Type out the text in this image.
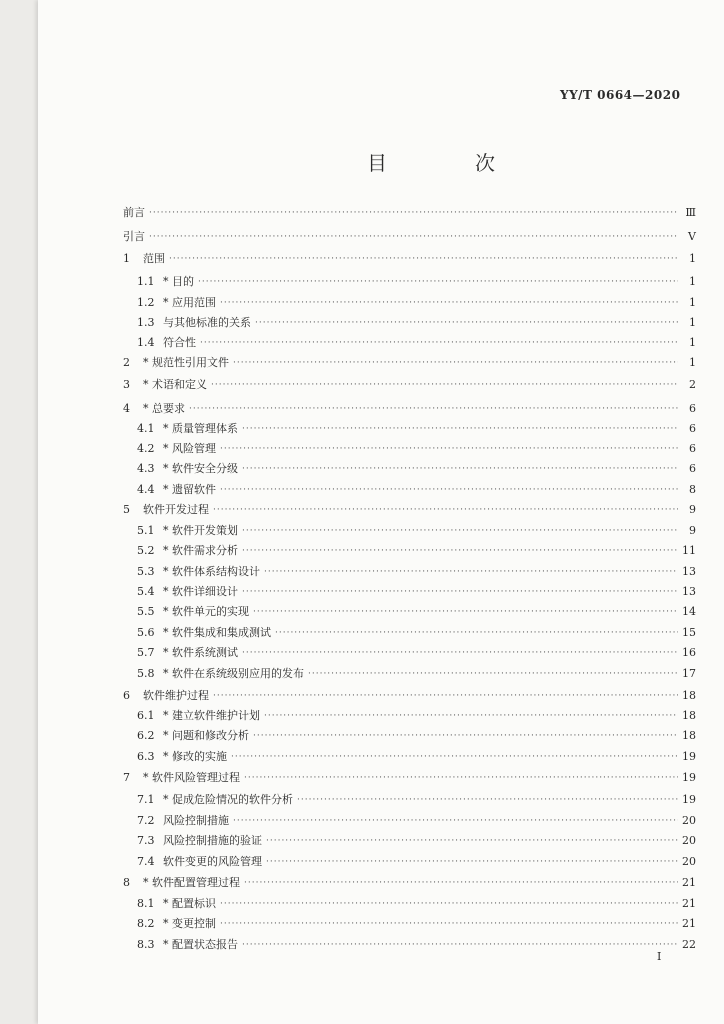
YY/T 0664—2020
目　次
前言 ·····	Ⅲ
引言 ·····	Ⅴ
1	范围 ·····	1
1.1 * 目的 ·····	1
1.2 * 应用范围 ·····	1
1.3 与其他标准的关系 ·····	1
1.4 符合性 ·····	1
2	* 规范性引用文件 ·····	1
3	* 术语和定义 ·····	2
4	* 总要求 ·····	6
4.1 * 质量管理体系 ·····	6
4.2 * 风险管理 ·····	6
4.3 * 软件安全分级 ·····	6
4.4 * 遗留软件 ·····	8
5	软件开发过程 ·····	9
5.1 * 软件开发策划 ·····	9
5.2 * 软件需求分析 ·····	11
5.3 * 软件体系结构设计 ·····	13
5.4 * 软件详细设计 ·····	13
5.5 * 软件单元的实现 ·····	14
5.6 * 软件集成和集成测试 ·····	15
5.7 * 软件系统测试 ·····	16
5.8 * 软件在系统级别应用的发布 ·····	17
6	软件维护过程 ·····	18
6.1 * 建立软件维护计划 ·····	18
6.2 * 问题和修改分析 ·····	18
6.3 * 修改的实施 ·····	19
7	* 软件风险管理过程 ·····	19
7.1 * 促成危险情况的软件分析 ·····	19
7.2 风险控制措施 ·····	20
7.3 风险控制措施的验证 ·····	20
7.4 软件变更的风险管理 ·····	20
8	* 软件配置管理过程 ·····	21
8.1 * 配置标识 ·····	21
8.2 * 变更控制 ·····	21
8.3 * 配置状态报告 ·····	22
I
